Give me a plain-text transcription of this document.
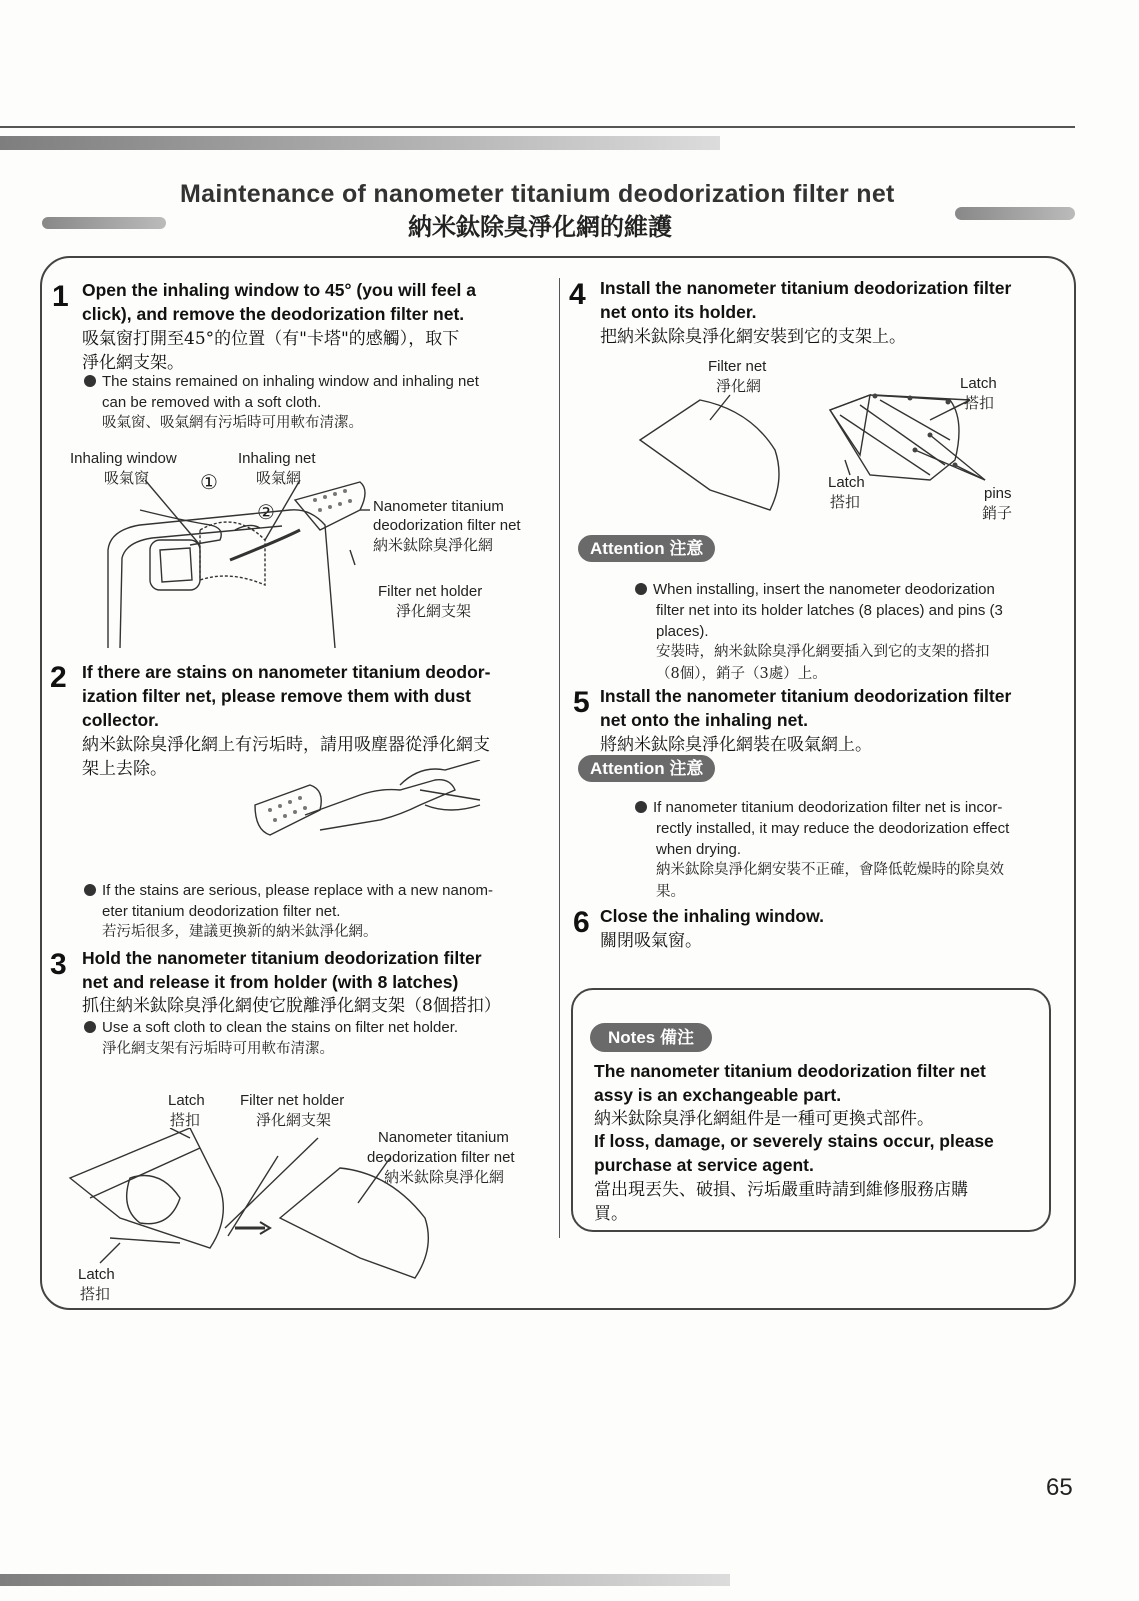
Maintenance of nanometer titanium deodorization filter net
納米鈦除臭淨化網的維護
1 Open the inhaling window to 45° (you will feel a
click), and remove the deodorization filter net.
吸氣窗打開至45°的位置（有"卡塔"的感觸），取下
淨化網支架。
The stains remained on inhaling window and inhaling net
can be removed with a soft cloth.
吸氣窗、吸氣網有污垢時可用軟布清潔。
Inhaling window
吸氣窗
Inhaling net
吸氣網
①
②	Nanometer titanium
deodorization filter net
納米鈦除臭淨化網
Filter net holder
淨化網支架
2 If there are stains on nanometer titanium deodor-
ization filter net, please remove them with dust
collector.
納米鈦除臭淨化網上有污垢時，請用吸塵器從淨化網支
架上去除。
If the stains are serious, please replace with a new nanom-
eter titanium deodorization filter net.
若污垢很多，建議更換新的納米鈦淨化網。
3 Hold the nanometer titanium deodorization filter
net and release it from holder (with 8 latches)
抓住納米鈦除臭淨化網使它脫離淨化網支架（8個搭扣）
Use a soft cloth to clean the stains on filter net holder.
淨化網支架有污垢時可用軟布清潔。
Latch
搭扣
Filter net holder
淨化網支架
Nanometer titanium
deodorization filter net
納米鈦除臭淨化網
Latch
搭扣
4 Install the nanometer titanium deodorization filter
net onto its holder.
把納米鈦除臭淨化網安裝到它的支架上。
Filter net
淨化網	Latch
搭扣
Latch
搭扣	pins
銷子
Attention 注意
When installing, insert the nanometer deodorization
filter net into its holder latches (8 places) and pins (3
places).
安裝時，納米鈦除臭淨化網要插入到它的支架的搭扣
（8個），銷子（3處）上。
5 Install the nanometer titanium deodorization filter
net onto the inhaling net.
將納米鈦除臭淨化網裝在吸氣網上。
Attention 注意
If nanometer titanium deodorization filter net is incor-
rectly installed, it may reduce the deodorization effect
when drying.
納米鈦除臭淨化網安裝不正確，會降低乾燥時的除臭效
果。
6 Close the inhaling window.
關閉吸氣窗。
Notes 備注
The nanometer titanium deodorization filter net
assy is an exchangeable part.
納米鈦除臭淨化網組件是一種可更換式部件。
If loss, damage, or severely stains occur, please
purchase at service agent.
當出現丟失、破損、污垢嚴重時請到維修服務店購
買。
65
